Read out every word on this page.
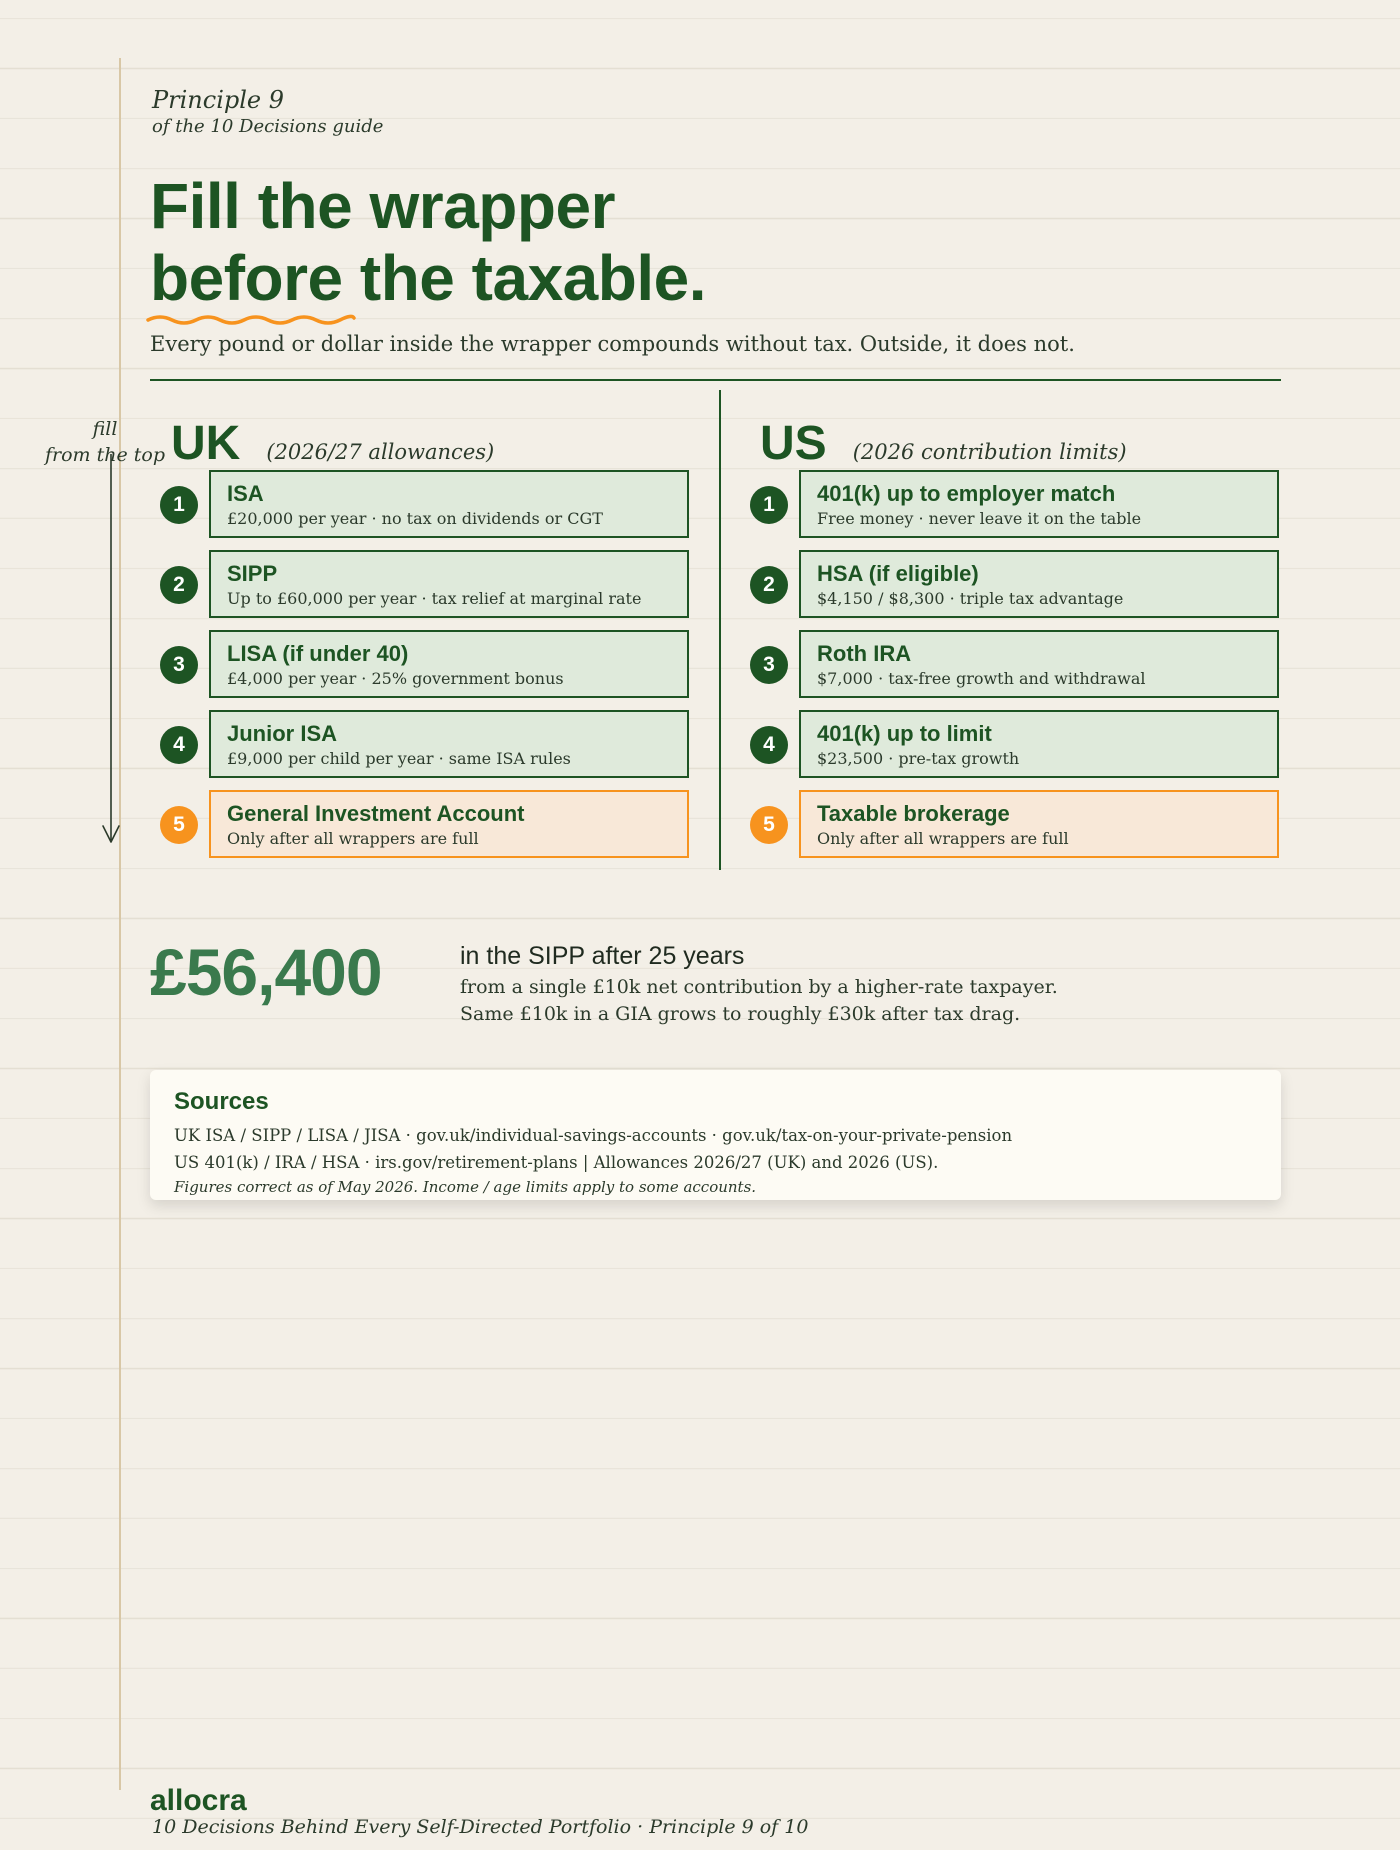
Principle 9
of the 10 Decisions guide
Fill the wrapper
before
the taxable.
Every pound or dollar inside the wrapper compounds without tax. Outside, it does not.
fill
from the top UK (2026/27 allowances)
1	ISA
£20,000 per year · no tax on dividends or CGT
2	SIPP
Up to £60,000 per year · tax relief at marginal rate
3	LISA (if under 40)
£4,000 per year · 25% government bonus
4	Junior ISA
£9,000 per child per year · same ISA rules
5	General Investment Account
Only after all wrappers are full
US (2026 contribution limits)
1	401(k) up to employer match
Free money · never leave it on the table
2	HSA (if eligible)
$4,150 / $8,300 · triple tax advantage
3	Roth IRA
$7,000 · tax-free growth and withdrawal
4	401(k) up to limit
$23,500 · pre-tax growth
5	Taxable brokerage
Only after all wrappers are full
£56,400	in the SIPP after 25 years
from a single £10k net contribution by a higher-rate taxpayer.
Same £10k in a GIA grows to roughly £30k after tax drag.
Sources
UK ISA / SIPP / LISA / JISA · gov.uk/individual-savings-accounts · gov.uk/tax-on-your-private-pension
US 401(k) / IRA / HSA · irs.gov/retirement-plans | Allowances 2026/27 (UK) and 2026 (US).
Figures correct as of May 2026. Income / age limits apply to some accounts.
allocra
10 Decisions Behind Every Self-Directed Portfolio · Principle 9 of 10
